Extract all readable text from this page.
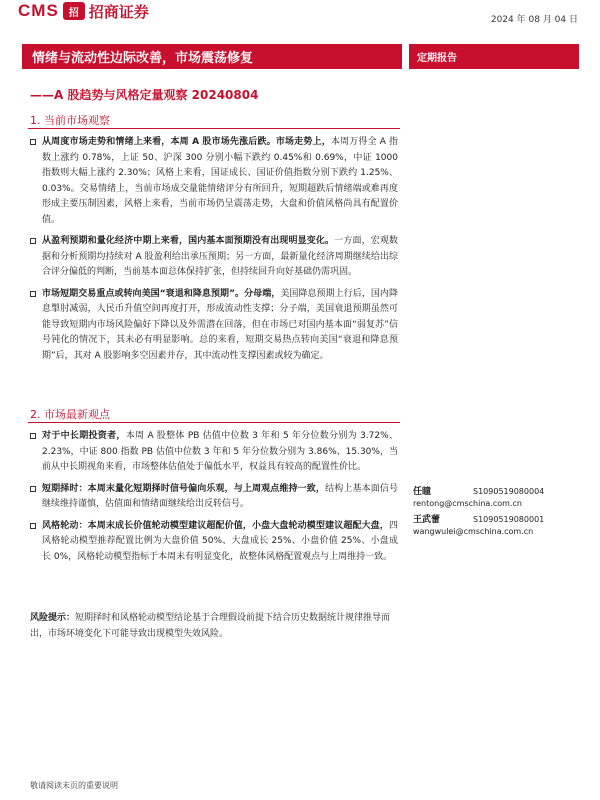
CMS	招 招商证券	2024 年 08 月 04 日
情绪与流动性边际改善，市场震荡修复
——A 股趋势与风格定量观察 20240804
定期报告
1. 当前市场观察

从周度市场走势和情绪上来看，本周 A 股市场先涨后跌。市场走势上，本周万得全 A 指数上涨约 0.78%，上证 50、沪深 300 分别小幅下跌约 0.45%和 0.69%，中证 1000 指数则大幅上涨约 2.30%；风格上来看，国证成长、国证价值指数分别下跌约 1.25%、0.03%。交易情绪上，当前市场成交量能情绪评分有所回升，短期超跌后情绪端或难再度形成主要压制因素，风格上来看，当前市场仍呈震荡走势，大盘和价值风格尚具有配置价值。

从盈利预期和量化经济中期上来看，国内基本面预期没有出现明显变化。一方面，宏观数据和分析预期均持续对 A 股盈利给出承压预期；另一方面，最新量化经济周期继续给出综合评分偏低的判断，当前基本面总体保持扩张，但持续回升向好基础仍需巩固。

市场短期交易重点或转向美国“衰退和降息预期”。分母端，美国降息预期上行后，国内降息掣肘减弱，人民币升值空间再度打开，形成流动性支撑；分子端，美国衰退预期虽然可能导致短期内市场风险偏好下降以及外需潜在回落，但在市场已对国内基本面“弱复苏”信号钝化的情况下，其未必有明显影响。总的来看，短期交易热点转向美国“衰退和降息预期”后，其对 A 股影响多空因素并存，其中流动性支撑因素或较为确定。

2. 市场最新观点

对于中长期投资者，本周 A 股整体 PB 估值中位数 3 年和 5 年分位数分别为 3.72%、2.23%，中证 800 指数 PB 估值中位数 3 年和 5 年分位数分别为 3.86%、15.30%，当前从中长期视角来看，市场整体估值处于偏低水平，权益具有较高的配置性价比。

短期择时：本周末量化短期择时信号偏向乐观，与上周观点维持一致，结构上基本面信号继续维持谨慎，估值面和情绪面继续给出反转信号。

风格轮动：本周末成长价值轮动模型建议超配价值，小盘大盘轮动模型建议超配大盘，四风格轮动模型推荐配置比例为大盘价值 50%、大盘成长 25%、小盘价值 25%、小盘成长 0%，风格轮动模型指标于本周未有明显变化，故整体风格配置观点与上周维持一致。

风险提示：短期择时和风格轮动模型结论基于合理假设前提下结合历史数据统计规律推导而出，市场环境变化下可能导致出现模型失效风险。
任瞳	S1090519080004
rentong@cmschina.com.cn
王武蕾	S1090519080001
wangwulei@cmschina.com.cn
敬请阅读末页的重要说明
